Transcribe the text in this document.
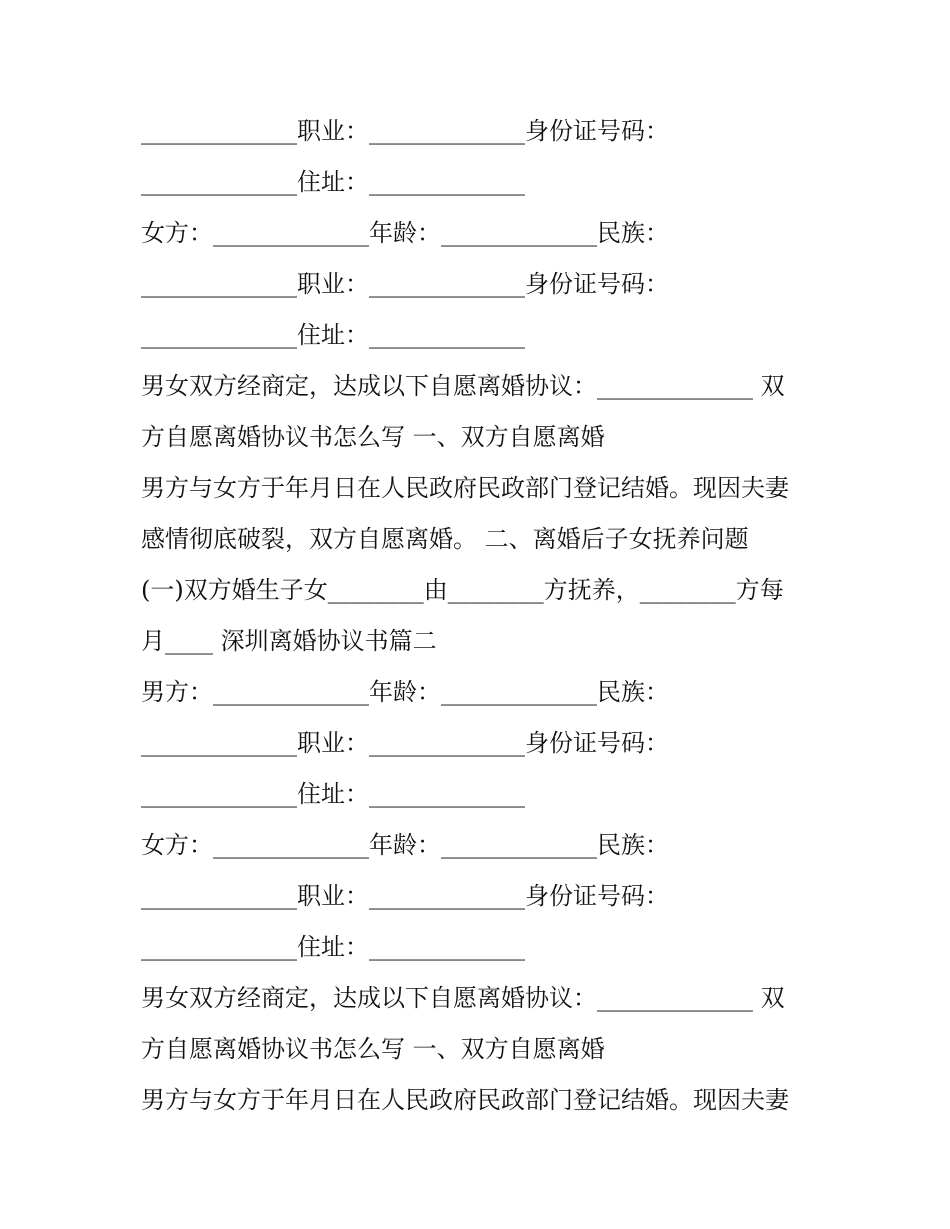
_____________职业：_____________身份证号码：
_____________住址：_____________
女方：_____________年龄：_____________民族：
_____________职业：_____________身份证号码：
_____________住址：_____________
男女双方经商定，达成以下自愿离婚协议：_____________ 双
方自愿离婚协议书怎么写 一、双方自愿离婚
男方与女方于年月日在人民政府民政部门登记结婚。现因夫妻
感情彻底破裂，双方自愿离婚。 二、离婚后子女抚养问题
(一)双方婚生子女________由________方抚养，________方每
月____ 深圳离婚协议书篇二
男方：_____________年龄：_____________民族：
_____________职业：_____________身份证号码：
_____________住址：_____________
女方：_____________年龄：_____________民族：
_____________职业：_____________身份证号码：
_____________住址：_____________
男女双方经商定，达成以下自愿离婚协议：_____________ 双
方自愿离婚协议书怎么写 一、双方自愿离婚
男方与女方于年月日在人民政府民政部门登记结婚。现因夫妻
